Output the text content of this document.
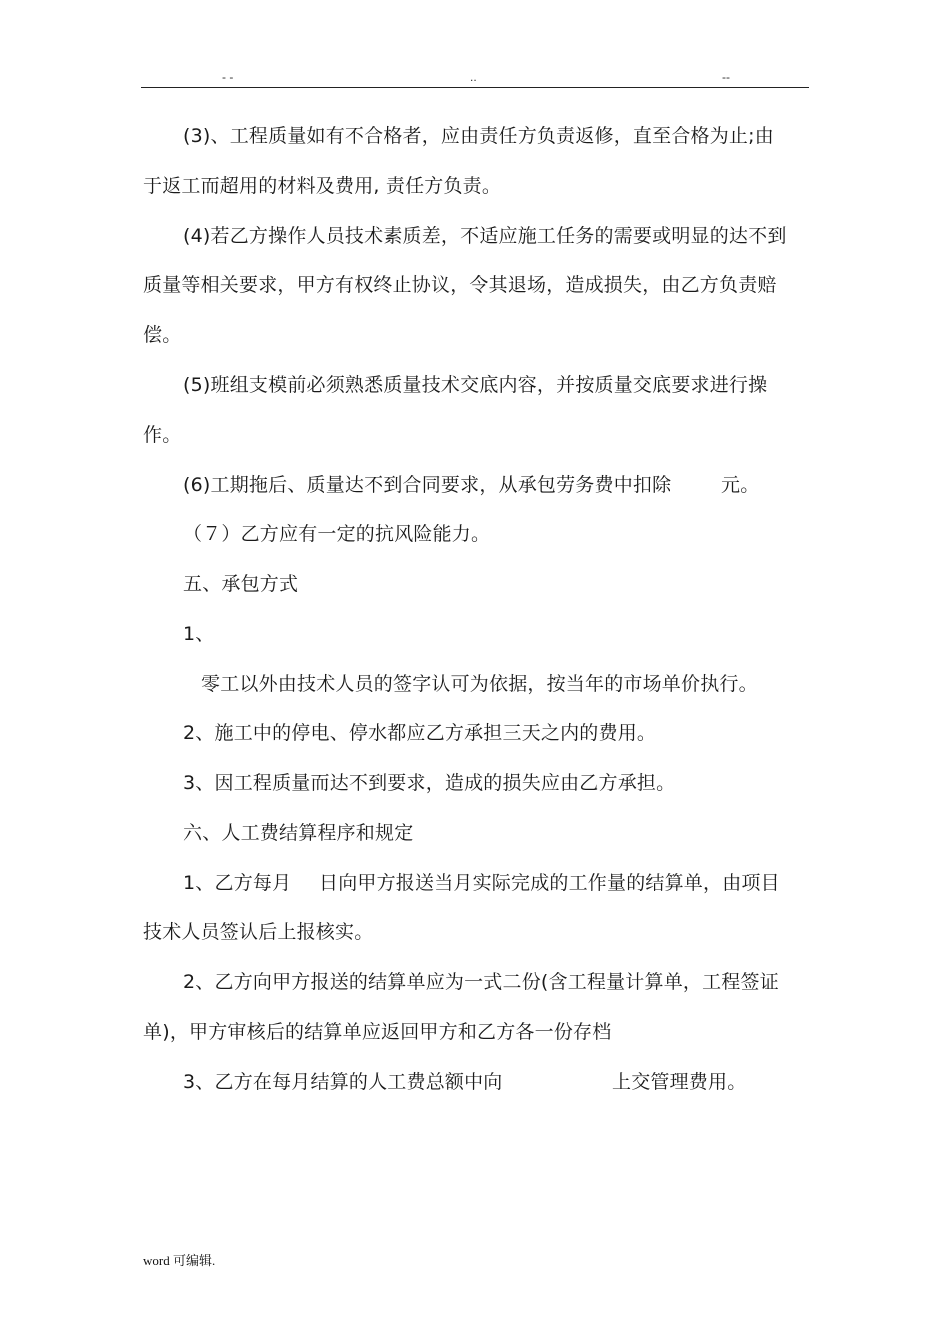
- -	..	--
(3)、工程质量如有不合格者，应由责任方负责返修，直至合格为止;由
于返工而超用的材料及费用, 责任方负责。
(4)若乙方操作人员技术素质差，不适应施工任务的需要或明显的达不到
质量等相关要求，甲方有权终止协议，令其退场，造成损失，由乙方负责赔
偿。
(5)班组支模前必须熟悉质量技术交底内容，并按质量交底要求进行操
作。
(6)工期拖后、质量达不到合同要求，从承包劳务费中扣除	元。
（７）乙方应有一定的抗风险能力。
五、承包方式
1、
零工以外由技术人员的签字认可为依据，按当年的市场单价执行。
2、施工中的停电、停水都应乙方承担三天之内的费用。
3、因工程质量而达不到要求，造成的损失应由乙方承担。
六、人工费结算程序和规定
1、乙方每月 日向甲方报送当月实际完成的工作量的结算单，由项目
技术人员签认后上报核实。
2、乙方向甲方报送的结算单应为一式二份(含工程量计算单，工程签证
单)，甲方审核后的结算单应返回甲方和乙方各一份存档
3、乙方在每月结算的人工费总额中向	上交管理费用。
word 可编辑.
